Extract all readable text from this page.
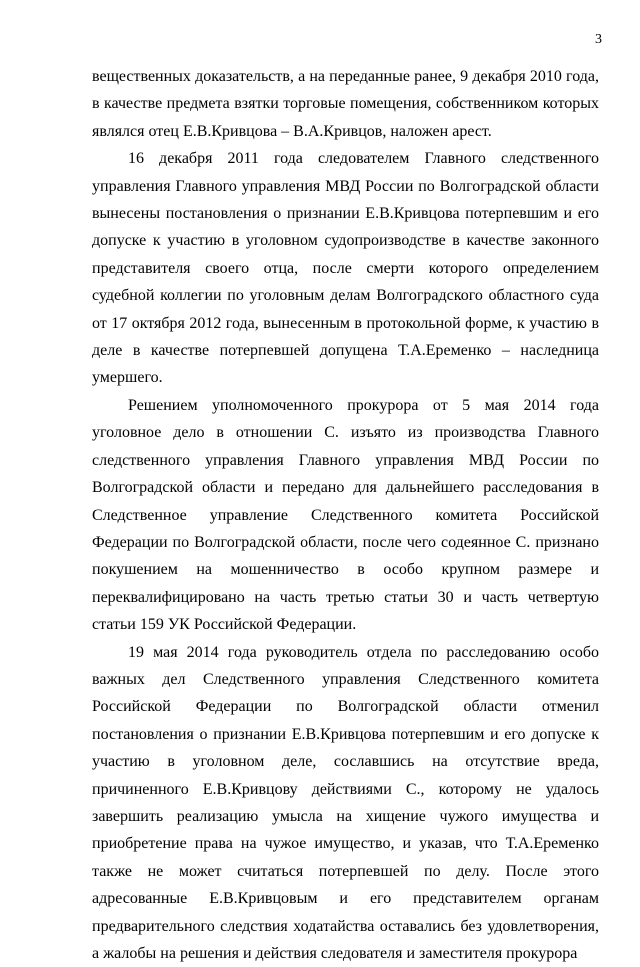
3

вещественных доказательств, а на переданные ранее, 9 декабря 2010 года, в качестве предмета взятки торговые помещения, собственником которых являлся отец Е.В.Кривцова – В.А.Кривцов, наложен арест.

16 декабря 2011 года следователем Главного следственного управления Главного управления МВД России по Волгоградской области вынесены постановления о признании Е.В.Кривцова потерпевшим и его допуске к участию в уголовном судопроизводстве в качестве законного представителя своего отца, после смерти которого определением судебной коллегии по уголовным делам Волгоградского областного суда от 17 октября 2012 года, вынесенным в протокольной форме, к участию в деле в качестве потерпевшей допущена Т.А.Еременко – наследница умершего.

Решением уполномоченного прокурора от 5 мая 2014 года уголовное дело в отношении С. изъято из производства Главного следственного управления Главного управления МВД России по Волгоградской области и передано для дальнейшего расследования в Следственное управление Следственного комитета Российской Федерации по Волгоградской области, после чего содеянное С. признано покушением на мошенничество в особо крупном размере и переквалифицировано на часть третью статьи 30 и часть четвертую статьи 159 УК Российской Федерации.

19 мая 2014 года руководитель отдела по расследованию особо важных дел Следственного управления Следственного комитета Российской Федерации по Волгоградской области отменил постановления о признании Е.В.Кривцова потерпевшим и его допуске к участию в уголовном деле, сославшись на отсутствие вреда, причиненного Е.В.Кривцову действиями С., которому не удалось завершить реализацию умысла на хищение чужого имущества и приобретение права на чужое имущество, и указав, что Т.А.Еременко также не может считаться потерпевшей по делу. После этого адресованные Е.В.Кривцовым и его представителем органам предварительного следствия ходатайства оставались без удовлетворения, а жалобы на решения и действия следователя и заместителя прокурора
